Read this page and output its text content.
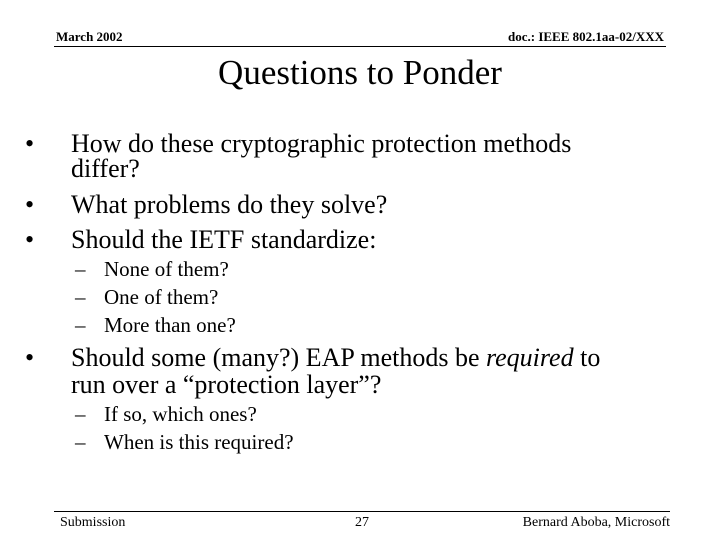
March 2002	doc.: IEEE 802.1aa-02/XXX
Questions to Ponder
• How do these cryptographic protection methods
differ?
• What problems do they solve?
• Should the IETF standardize:
– None of them?
– One of them?
– More than one?
• Should some (many?) EAP methods be required to
run over a “protection layer”?
– If so, which ones?
– When is this required?
Submission	27	Bernard Aboba, Microsoft
